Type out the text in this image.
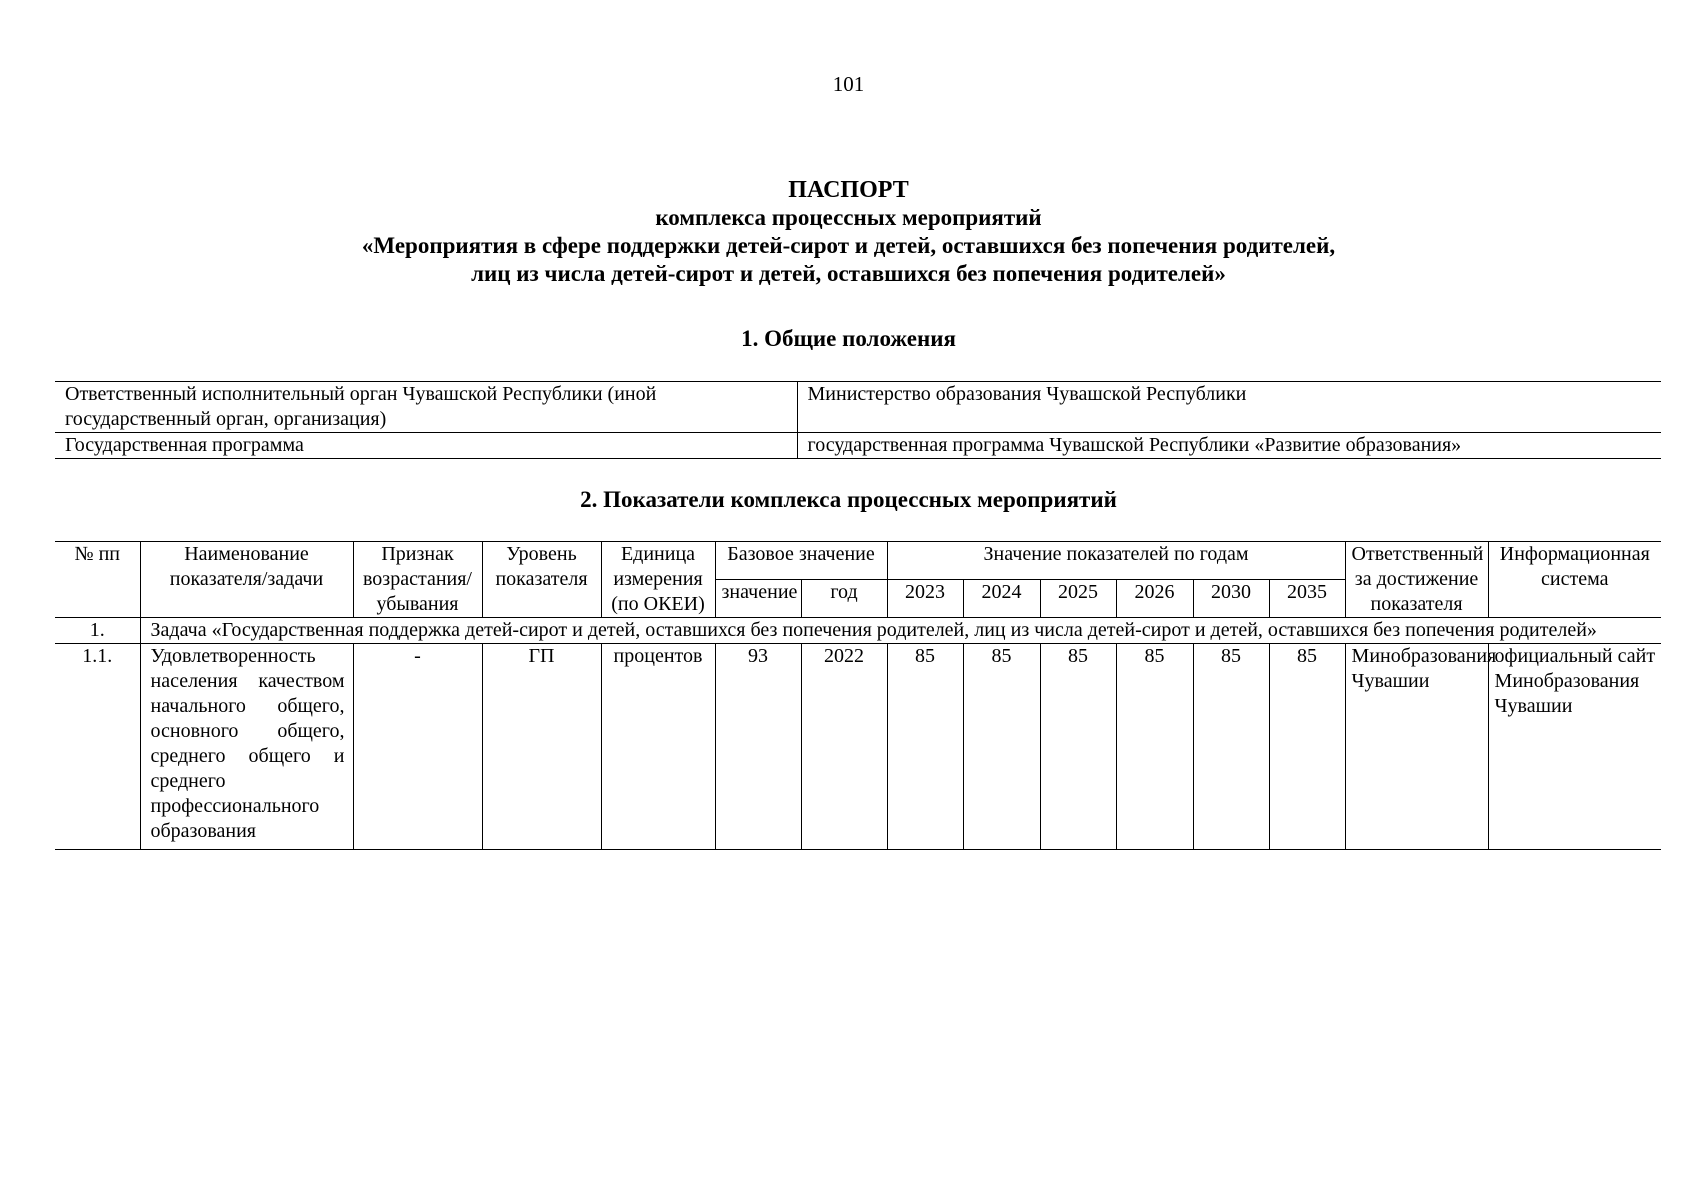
101
ПАСПОРТ
комплекса процессных мероприятий
«Мероприятия в сфере поддержки детей-сирот и детей, оставшихся без попечения родителей,
лиц из числа детей-сирот и детей, оставшихся без попечения родителей»
1. Общие положения
Ответственный исполнительный орган Чувашской Республики (иной государственный орган, организация)	Министерство образования Чувашской Республики
Государственная программа	государственная программа Чувашской Республики «Развитие образования»
2. Показатели комплекса процессных мероприятий
№ пп	Наименование показателя/задачи	Признак возрастания/убывания	Уровень показателя	Единица измерения (по ОКЕИ)	Базовое значение		Значение показателей по годам						Ответственный за достижение показателя	Информационная система
					значение	год	2023	2024	2025	2026	2030	2035		
1.	Задача «Государственная поддержка детей-сирот и детей, оставшихся без попечения родителей, лиц из числа детей-сирот и детей, оставшихся без попечения родителей»													
1.1.	Удовлетворенность населения качеством начального общего, основного общего, среднего общего и среднего профессионального образования	-	ГП	процентов	93	2022	85	85	85	85	85	85	Минобразования Чувашии	официальный сайт Минобразования Чувашии
